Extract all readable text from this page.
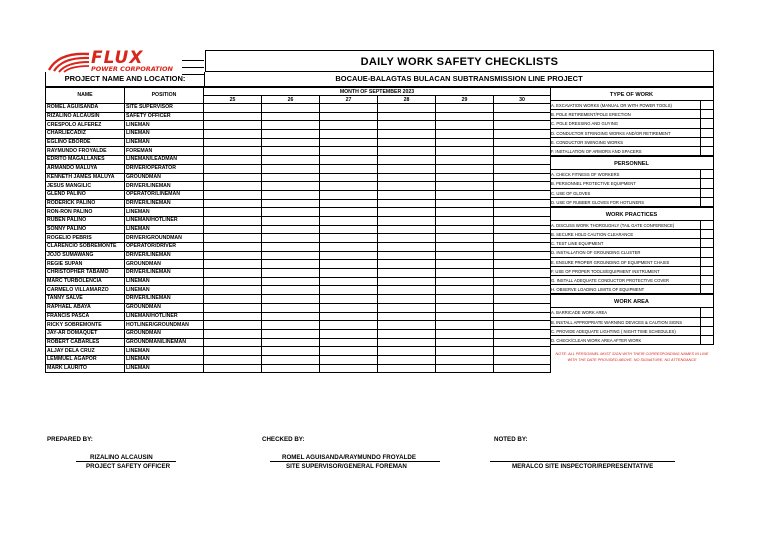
FLUX
POWER CORPORATION
DAILY WORK SAFETY CHECKLISTS
PROJECT NAME AND LOCATION:	BOCAUE-BALAGTAS BULACAN SUBTRANSMISSION LINE PROJECT
NAME	POSITION	MONTH OF SEPTEMBER 2023					
		25	26	27	28	29	30
ROMEL AGUISANDA	SITE SUPERVISOR						
RIZALINO ALCAUSIN	SAFETY OFFICER						
CRESPOLO ALFEREZ	LINEMAN						
CHARLIECADIZ	LINEMAN						
EGLINO EBORDE	LINEMAN						
RAYMUNDO FROYALDE	FOREMAN						
EDRITO MAGALLANES	LINEMAN/LEADMAN						
ARMANDO MALUYA	DRIVER/OPERATOR						
KENNETH JAMES MALUYA	GROUNDMAN						
JESUS MANGILIC	DRIVER/LINEMAN						
GLEND PALINO	OPERATOR/LINEMAN						
RODERICK PALINO	DRIVER/LINEMAN						
RON-RON PALINO	LINEMAN						
RUBEN PALINO	LINEMAN/HOTLINER						
SONNY PALINO	LINEMAN						
ROGELIO PEBRIS	DRIVER/GROUNDMAN						
CLARENCIO SOBREMONTE	OPERATOR/DRIVER						
JOJO SUMAWANG	DRIVER/LINEMAN						
REGIE SUPAN	GROUNDMAN						
CHRISTOPHER TABAMO	DRIVER/LINEMAN						
MARC TURBOLENCIA	LINEMAN						
CARMELO VILLAMARZO	LINEMAN						
TANNY SALVE	DRIVER/LINEMAN						
RAPHAEL ABAYA	GROUNDMAN						
FRANCIS PASCA	LINEMAN/HOTLINER						
RICKY SOBREMONTE	HOTLINER/GROUNDMAN						
JAY-AR DOMAQUET	GROUNDMAN						
ROBERT CABARLES	GROUNDMAN/LINEMAN						
ALJAY DELA CRUZ	LINEMAN						
LEMMUEL AGAPOR	LINEMAN						
MARK LAURITO	LINEMAN						
TYPE OF WORK
A. EXCAVATION WORKS (MANUAL OR WITH POWER TOOLS)
B. POLE RETIREMENT/POLE ERECTION
C. POLE DRESSING AND GUYING
D. CONDUCTOR STRINGING WORKS AND/OR RETIREMENT
E. CONDUCTOR SWINGING WORKS
F. INSTALLATION OF ARMORS AND SPACERS
PERSONNEL
A. CHECK FITNESS OF WORKERS
B. PERSONNEL PROTECTIVE EQUIPMENT
C. USE OF GLOVES
D. USE OF RUBBER GLOVES FOR HOTLINERS
WORK PRACTICES
A. DISCUSS WORK THOROUGHLY (TAIL GATE CONFERENCE)
B. SECURE HOLD CAUTION CLEARANCE
C. TEST LINE EQUIPMENT
D. INSTALLATION OF GROUNDING CLUSTER
E. ENSURE PROPER GROUNDING OF EQUIPMENT CHASIS
F. USE OF PROPER TOOLS/EQUIPMENT INSTRUMENT
G. INSTALL ADEQUATE CONDUCTOR PROTECTIVE COVER
H. OBSERVE LOADING LIMITS OF EQUIPMENT
WORK AREA
A. BARRICADE WORK AREA
B. INSTALL APPROPRIATE WARNING DEVICES & CAUTION SIGNS
C. PROVIDE ADEQUATE LIGHTING ( NIGHT TIME SCHEDULES)
D. CHECK/CLEAN WORK AREA AFTER WORK
NOTE: ALL PERSONNEL MUST SIGN WITH THEIR CORRESPONDING NAMES IN LINE WITH THE DATE PROVIDED ABOVE. NO SIGNATURE, NO ATTENDANCE
PREPARED BY:
RIZALINO ALCAUSIN
PROJECT SAFETY OFFICER
CHECKED BY:
ROMEL AGUISANDA/RAYMUNDO FROYALDE
SITE SUPERVISOR/GENERAL FOREMAN
NOTED BY:
MERALCO SITE INSPECTOR/REPRESENTATIVE
